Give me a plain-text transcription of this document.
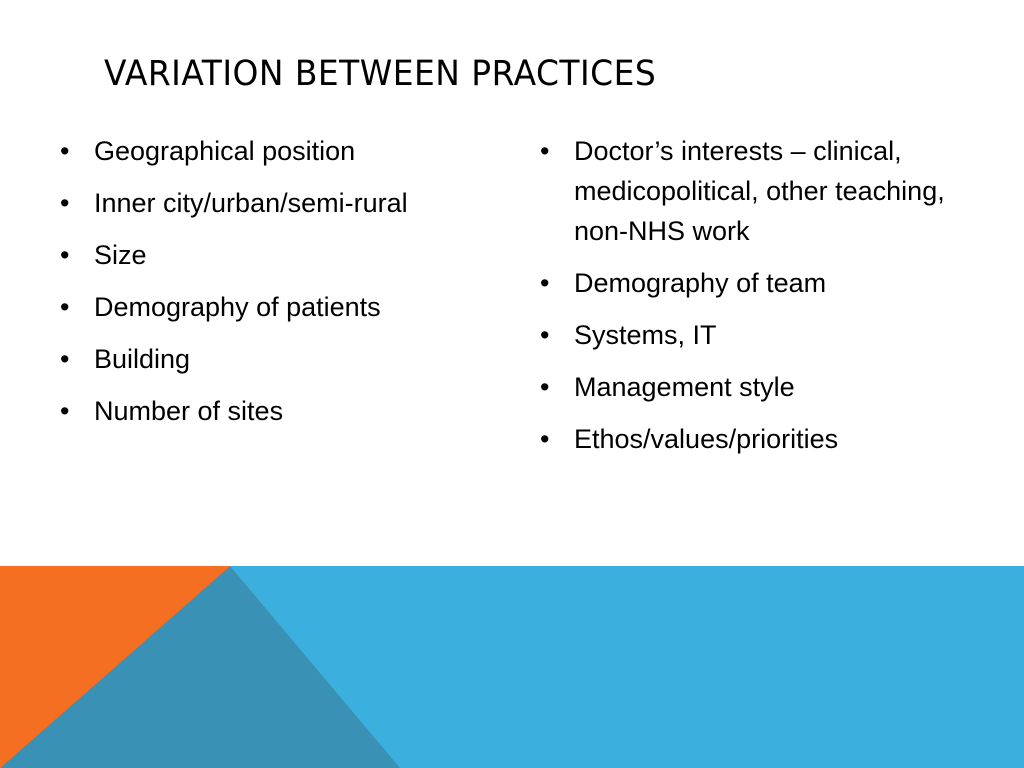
VARIATION BETWEEN PRACTICES
• Geographical position
• Inner city/urban/semi-rural
• Size
• Demography of patients
• Building
• Number of sites
• Doctor’s interests – clinical, medicopolitical, other teaching, non-NHS work
• Demography of team
• Systems, IT
• Management style
• Ethos/values/priorities
